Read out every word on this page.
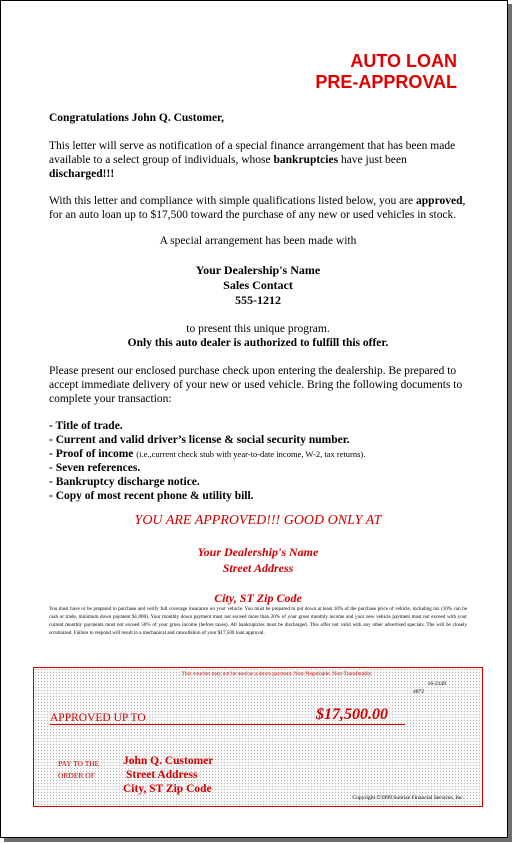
AUTO LOAN
PRE-APPROVAL
Congratulations John Q. Customer,
This letter will serve as notification of a special finance arrangement that has been made available to a select group of individuals, whose bankruptcies have just been discharged!!!
With this letter and compliance with simple qualifications listed below, you are approved, for an auto loan up to $17,500 toward the purchase of any new or used vehicles in stock.
A special arrangement has been made with
Your Dealership's Name
Sales Contact
555-1212
to present this unique program.
Only this auto dealer is authorized to fulfill this offer.
Please present our enclosed purchase check upon entering the dealership. Be prepared to accept immediate delivery of your new or used vehicle. Bring the following documents to complete your transaction:
- Title of trade.
- Current and valid driver’s license & social security number.
- Proof of income (i.e.,current check stub with year-to-date income, W-2, tax returns).
- Seven references.
- Bankruptcy discharge notice.
- Copy of most recent phone & utility bill.
YOU ARE APPROVED!!! GOOD ONLY AT
Your Dealership's Name
Street Address
City, ST Zip Code
You must have or be prepared to purchase and verify full coverage insurance on your vehicle. You must be prepared to put down at least 10% of the purchase price of vehicle, including tax (10% can be cash or trade, minimum down payment $1,000). Your monthly down payment must not exceed more than 20% of your gross monthly income and your new vehicle payment must not exceed with your current monthly payments must not exceed 50% of your gross income (before taxes). All bankruptcies must be discharged. This offer not valid with any other advertised specials. The will be closely scrutinized. Failure to respond will result in a mechanical and cancellation of your $17,500 loan approval.
This voucher may not be used as a down payment. Non-Negotiable. Non-Transferable.
16-2149
4872
APPROVED UP TO	$17,500.00
PAY TO THE
ORDER OF
John Q. Customer
Street Address
City, ST Zip Code
Copyright ©1999 Sunrise Financial Services, Inc.
